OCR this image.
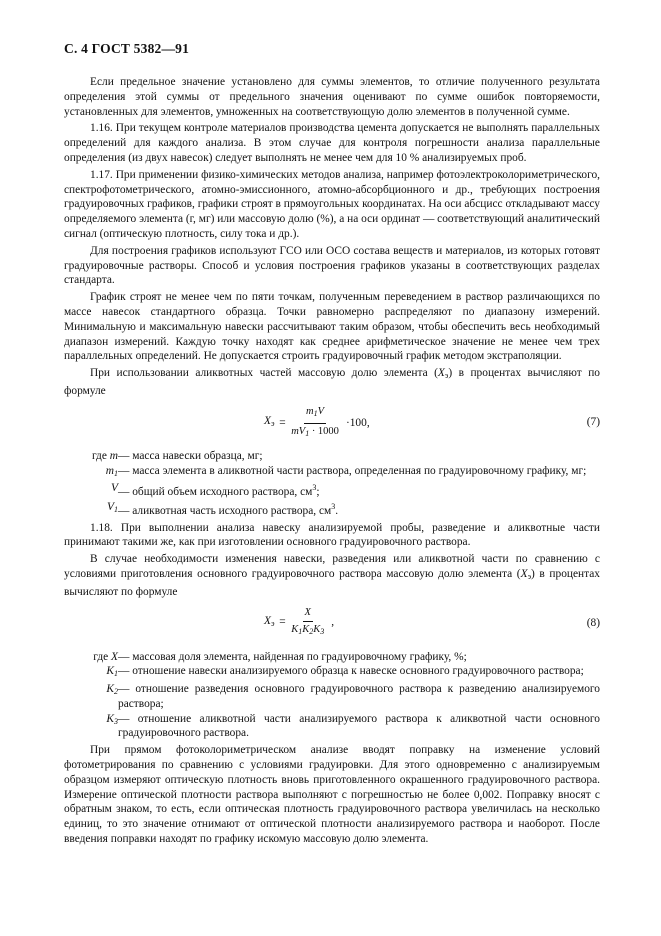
С. 4 ГОСТ 5382—91

Если предельное значение установлено для суммы элементов, то отличие полученного результата определения этой суммы от предельного значения оценивают по сумме ошибок повторяемости, установленных для элементов, умноженных на соответствующую долю элементов в полученной сумме.

1.16. При текущем контроле материалов производства цемента допускается не выполнять параллельных определений для каждого анализа. В этом случае для контроля погрешности анализа параллельные определения (из двух навесок) следует выполнять не менее чем для 10 % анализируемых проб.

1.17. При применении физико-химических методов анализа, например фотоэлектроколориметрического, спектрофотометрического, атомно-эмиссионного, атомно-абсорбционного и др., требующих построения градуировочных графиков, графики строят в прямоугольных координатах. На оси абсцисс откладывают массу определяемого элемента (г, мг) или массовую долю (%), а на оси ординат — соответствующий аналитический сигнал (оптическую плотность, силу тока и др.).

Для построения графиков используют ГСО или ОСО состава веществ и материалов, из которых готовят градуировочные растворы. Способ и условия построения графиков указаны в соответствующих разделах стандарта.

График строят не менее чем по пяти точкам, полученным переведением в раствор различающихся по массе навесок стандартного образца. Точки равномерно распределяют по диапазону измерений. Минимальную и максимальную навески рассчитывают таким образом, чтобы обеспечить весь необходимый диапазон измерений. Каждую точку находят как среднее арифметическое значение не менее чем трех параллельных определений. Не допускается строить градуировочный график методом экстраполяции.

При использовании аликвотных частей массовую долю элемента $(X_э)$ в процентах вычисляют по формуле

$X_э = \frac{m_1V}{mV_1 \cdot 1000} \cdot 100$,	(7)
где m — масса навески образца, мг;
$m_1$ — масса элемента в аликвотной части раствора, определенная по градуировочному графику, мг;
V — общий объем исходного раствора, $см^3$;
$V_1$ — аликвотная часть исходного раствора, $см^3$.

1.18. При выполнении анализа навеску анализируемой пробы, разведение и аликвотные части принимают такими же, как при изготовлении основного градуировочного раствора.

В случае необходимости изменения навески, разведения или аликвотной части по сравнению с условиями приготовления основного градуировочного раствора массовую долю элемента $(X_э)$ в процентах вычисляют по формуле

$X_э = \frac{X}{K_1K_2K_3}$ ,	(8)
где X — массовая доля элемента, найденная по градуировочному графику, %;
$K_1$ — отношение навески анализируемого образца к навеске основного градуировочного раствора;
$K_2$ — отношение разведения основного градуировочного раствора к разведению анализируемого раствора;
$K_3$ — отношение аликвотной части анализируемого раствора к аликвотной части основного градуировочного раствора.

При прямом фотоколориметрическом анализе вводят поправку на изменение условий фотометрирования по сравнению с условиями градуировки. Для этого одновременно с анализируемым образцом измеряют оптическую плотность вновь приготовленного окрашенного градуировочного раствора. Измерение оптической плотности раствора выполняют с погрешностью не более 0,002. Поправку вносят с обратным знаком, то есть, если оптическая плотность градуировочного раствора увеличилась на несколько единиц, то это значение отнимают от оптической плотности анализируемого раствора и наоборот. После введения поправки находят по графику искомую массовую долю элемента.
